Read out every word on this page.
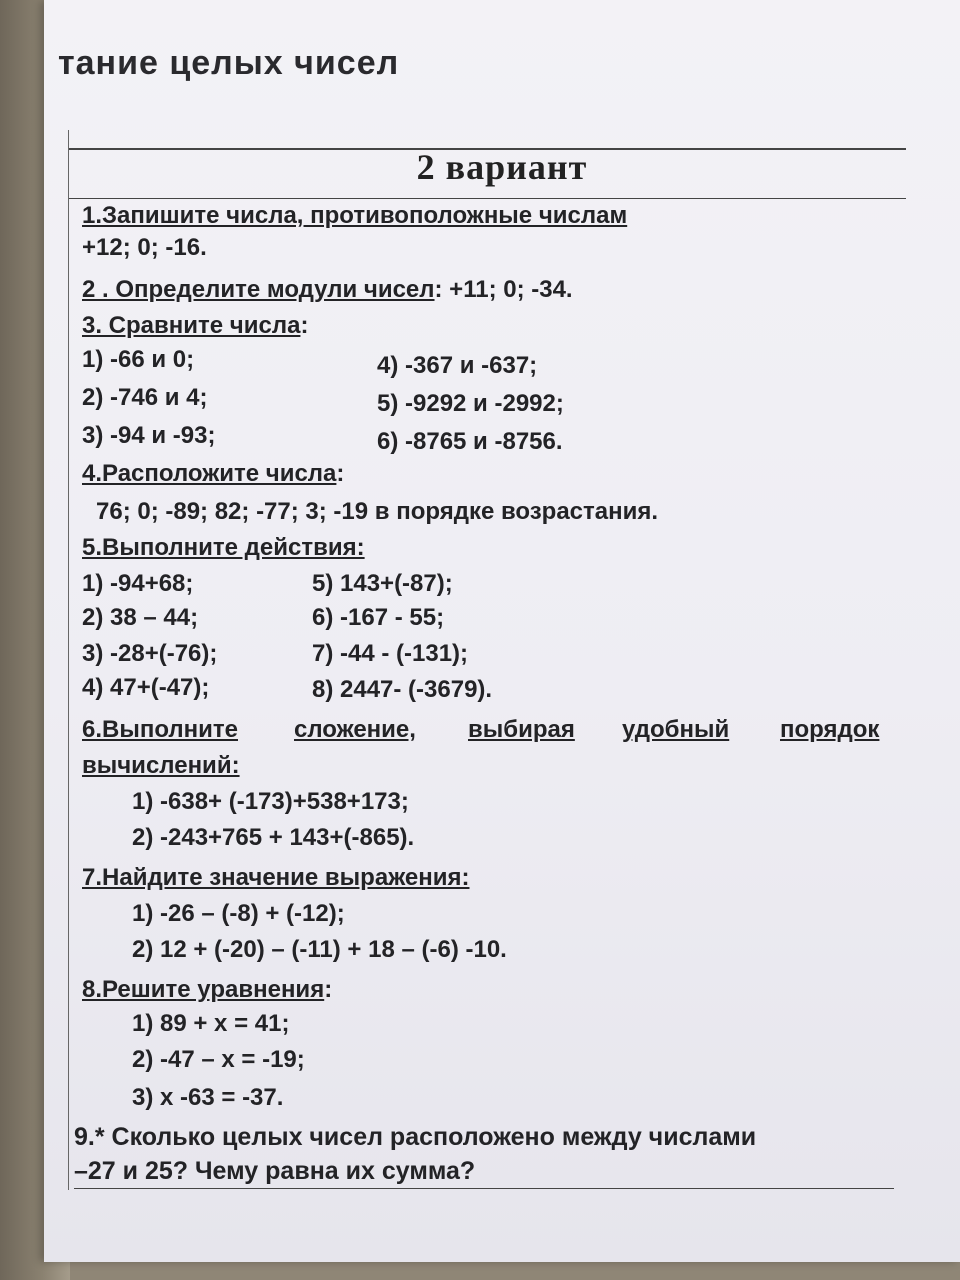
тание целых чисел
2 вариант
1.Запишите числа, противоположные числам
+12; 0; -16.
2 . Определите модули чисел: +11; 0; -34.
3. Сравните числа:
1) -66 и 0;
2) -746 и 4;
3) -94 и -93;
4) -367 и -637;
5) -9292 и -2992;
6) -8765 и -8756.
4.Расположите числа:
76; 0; -89; 82; -77; 3; -19 в порядке возрастания.
5.Выполните действия:
1) -94+68;
2) 38 – 44;
3) -28+(-76);
4) 47+(-47);
5) 143+(-87);
6) -167 - 55;
7) -44 - (-131);
8) 2447- (-3679).
6.Выполните сложение, выбирая удобный порядок
вычислений:
1) -638+ (-173)+538+173;
2) -243+765 + 143+(-865).
7.Найдите значение выражения:
1) -26 – (-8) + (-12);
2) 12 + (-20) – (-11) + 18 – (-6) -10.
8.Решите уравнения:
1) 89 + x = 41;
2) -47 – x = -19;
3) x -63 = -37.
9.* Сколько целых чисел расположено между числами
–27 и 25? Чему равна их сумма?
